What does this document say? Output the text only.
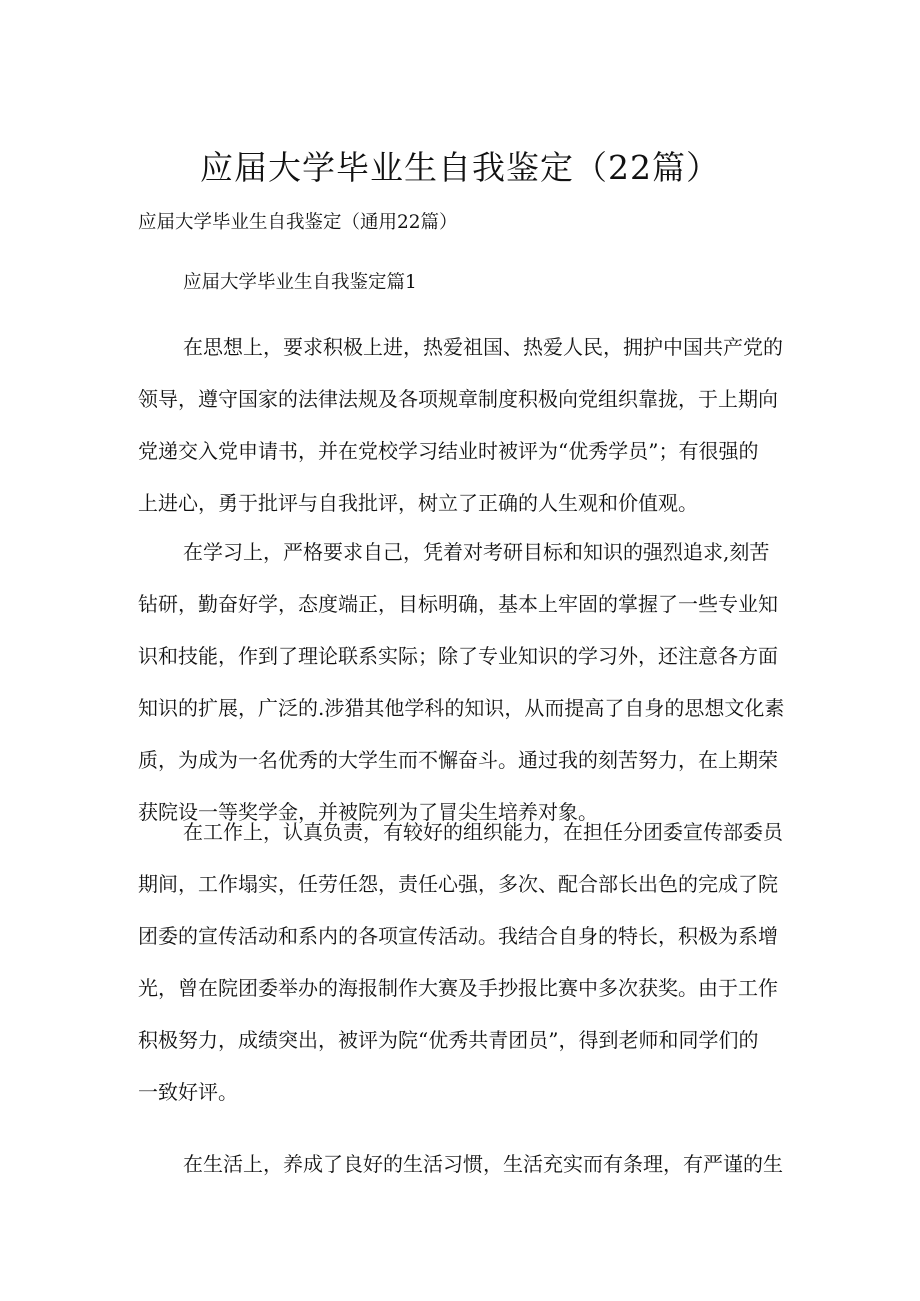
应届大学毕业生自我鉴定（22篇）
应届大学毕业生自我鉴定（通用22篇）
应届大学毕业生自我鉴定篇1
在思想上，要求积极上进，热爱祖国、热爱人民，拥护中国共产党的
领导，遵守国家的法律法规及各项规章制度积极向党组织靠拢，于上期向
党递交入党申请书，并在党校学习结业时被评为“优秀学员”；有很强的
上进心，勇于批评与自我批评，树立了正确的人生观和价值观。
在学习上，严格要求自己，凭着对考研目标和知识的强烈追求,刻苦
钻研，勤奋好学，态度端正，目标明确，基本上牢固的掌握了一些专业知
识和技能，作到了理论联系实际；除了专业知识的学习外，还注意各方面
知识的扩展，广泛的.涉猎其他学科的知识，从而提高了自身的思想文化素
质，为成为一名优秀的大学生而不懈奋斗。通过我的刻苦努力，在上期荣
获院设一等奖学金，并被院列为了冒尖生培养对象。
在工作上，认真负责，有较好的组织能力，在担任分团委宣传部委员
期间，工作塌实，任劳任怨，责任心强，多次、配合部长出色的完成了院
团委的宣传活动和系内的各项宣传活动。我结合自身的特长，积极为系增
光，曾在院团委举办的海报制作大赛及手抄报比赛中多次获奖。由于工作
积极努力，成绩突出，被评为院“优秀共青团员”，得到老师和同学们的
一致好评。
在生活上，养成了良好的生活习惯，生活充实而有条理，有严谨的生
